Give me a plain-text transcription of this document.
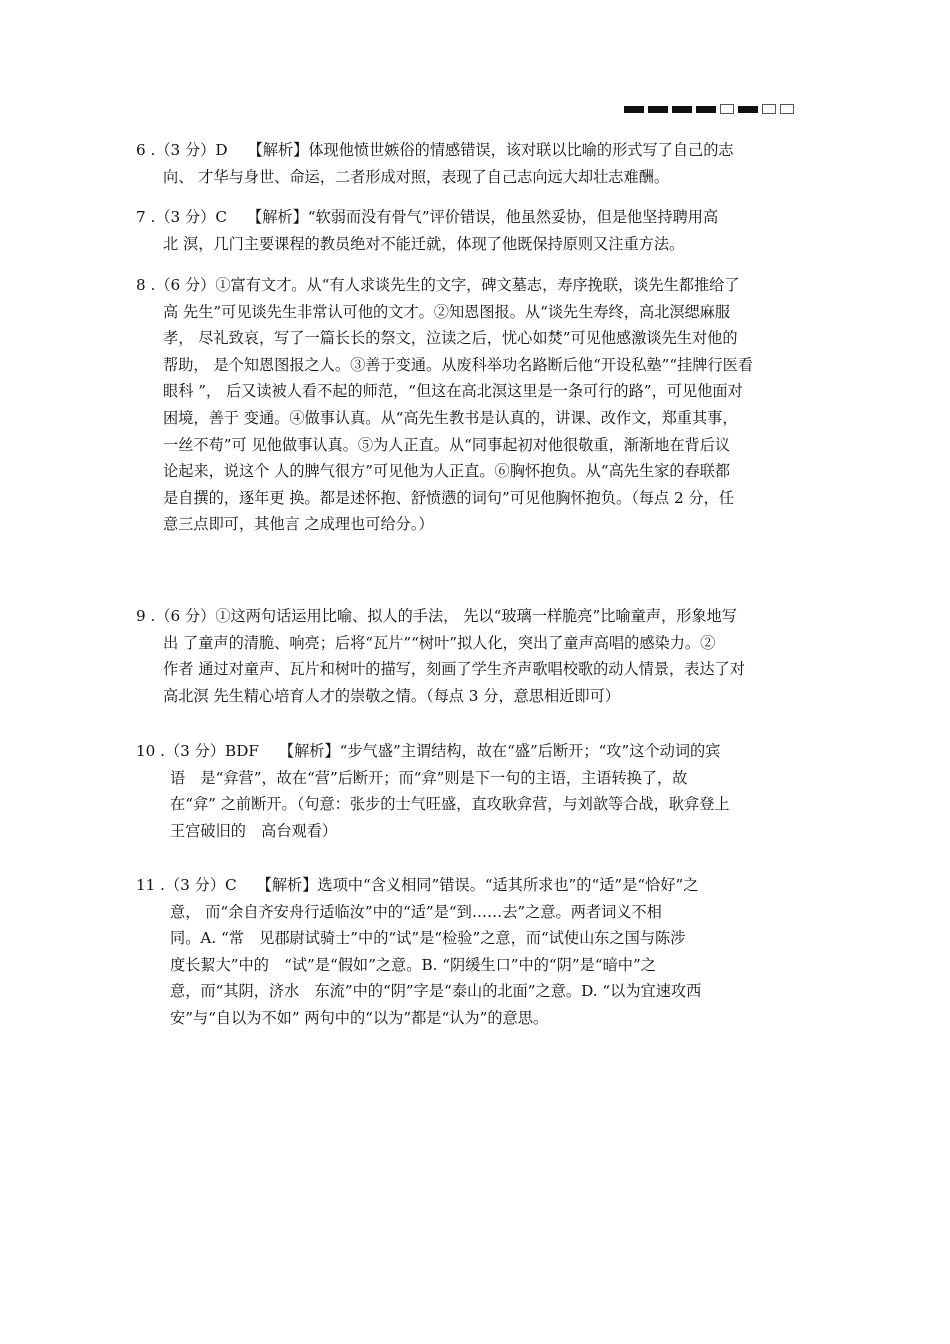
6 .（3 分）D　 【解析】体现他愤世嫉俗的情感错误，该对联以比喻的形式写了自己的志
向、 才华与身世、命运，二者形成对照，表现了自己志向远大却壮志难酬。
7 .（3 分）C　 【解析】“软弱而没有骨气”评价错误，他虽然妥协，但是他坚持聘用高
北 溟，几门主要课程的教员绝对不能迁就，体现了他既保持原则又注重方法。
8 .（6 分）①富有文才。从“有人求谈先生的文字，碑文墓志，寿序挽联，谈先生都推给了
高 先生”可见谈先生非常认可他的文才。②知恩图报。从“谈先生寿终，高北溟缌麻服
孝， 尽礼致哀，写了一篇长长的祭文，泣读之后，忧心如焚”可见他感激谈先生对他的
帮助， 是个知恩图报之人。③善于变通。从废科举功名路断后他“开设私塾”“挂牌行医看
眼科 ”， 后又读被人看不起的师范，“但这在高北溟这里是一条可行的路”，可见他面对
困境，善于 变通。④做事认真。从“高先生教书是认真的，讲课、改作文，郑重其事，
一丝不苟”可 见他做事认真。⑤为人正直。从“同事起初对他很敬重，渐渐地在背后议
论起来，说这个 人的脾气很方”可见他为人正直。⑥胸怀抱负。从“高先生家的春联都
是自撰的，逐年更 换。都是述怀抱、舒愤懑的词句”可见他胸怀抱负。（每点 2 分，任
意三点即可，其他言 之成理也可给分。）
9 .（6 分）①这两句话运用比喻、拟人的手法， 先以“玻璃一样脆亮”比喻童声，形象地写
出 了童声的清脆、响亮；后将“瓦片”“树叶”拟人化，突出了童声高唱的感染力。②
作者 通过对童声、瓦片和树叶的描写，刻画了学生齐声歌唱校歌的动人情景，表达了对
高北溟 先生精心培育人才的崇敬之情。（每点 3 分，意思相近即可）
10 .（3 分）BDF　 【解析】“步气盛”主谓结构，故在“盛”后断开；“攻”这个动词的宾
语　是“弇营”，故在“营”后断开；而“弇”则是下一句的主语，主语转换了，故
在“弇” 之前断开。（句意：张步的士气旺盛，直攻耿弇营，与刘歆等合战，耿弇登上
王宫破旧的　高台观看）
11 .（3 分）C　 【解析】选项中“含义相同”错误。“适其所求也”的“适”是“恰好”之
意， 而“余自齐安舟行适临汝”中的“适”是“到……去”之意。两者词义不相
同。A. “常　见郡尉试骑士”中的“试”是“检验”之意，而“试使山东之国与陈涉
度长絜大”中的　“试”是“假如”之意。B. “阴缓生口”中的“阴”是“暗中”之
意，而“其阴，济水　东流”中的“阴”字是“泰山的北面”之意。D. “以为宜速攻西
安”与“自以为不如” 两句中的“以为”都是“认为”的意思。
